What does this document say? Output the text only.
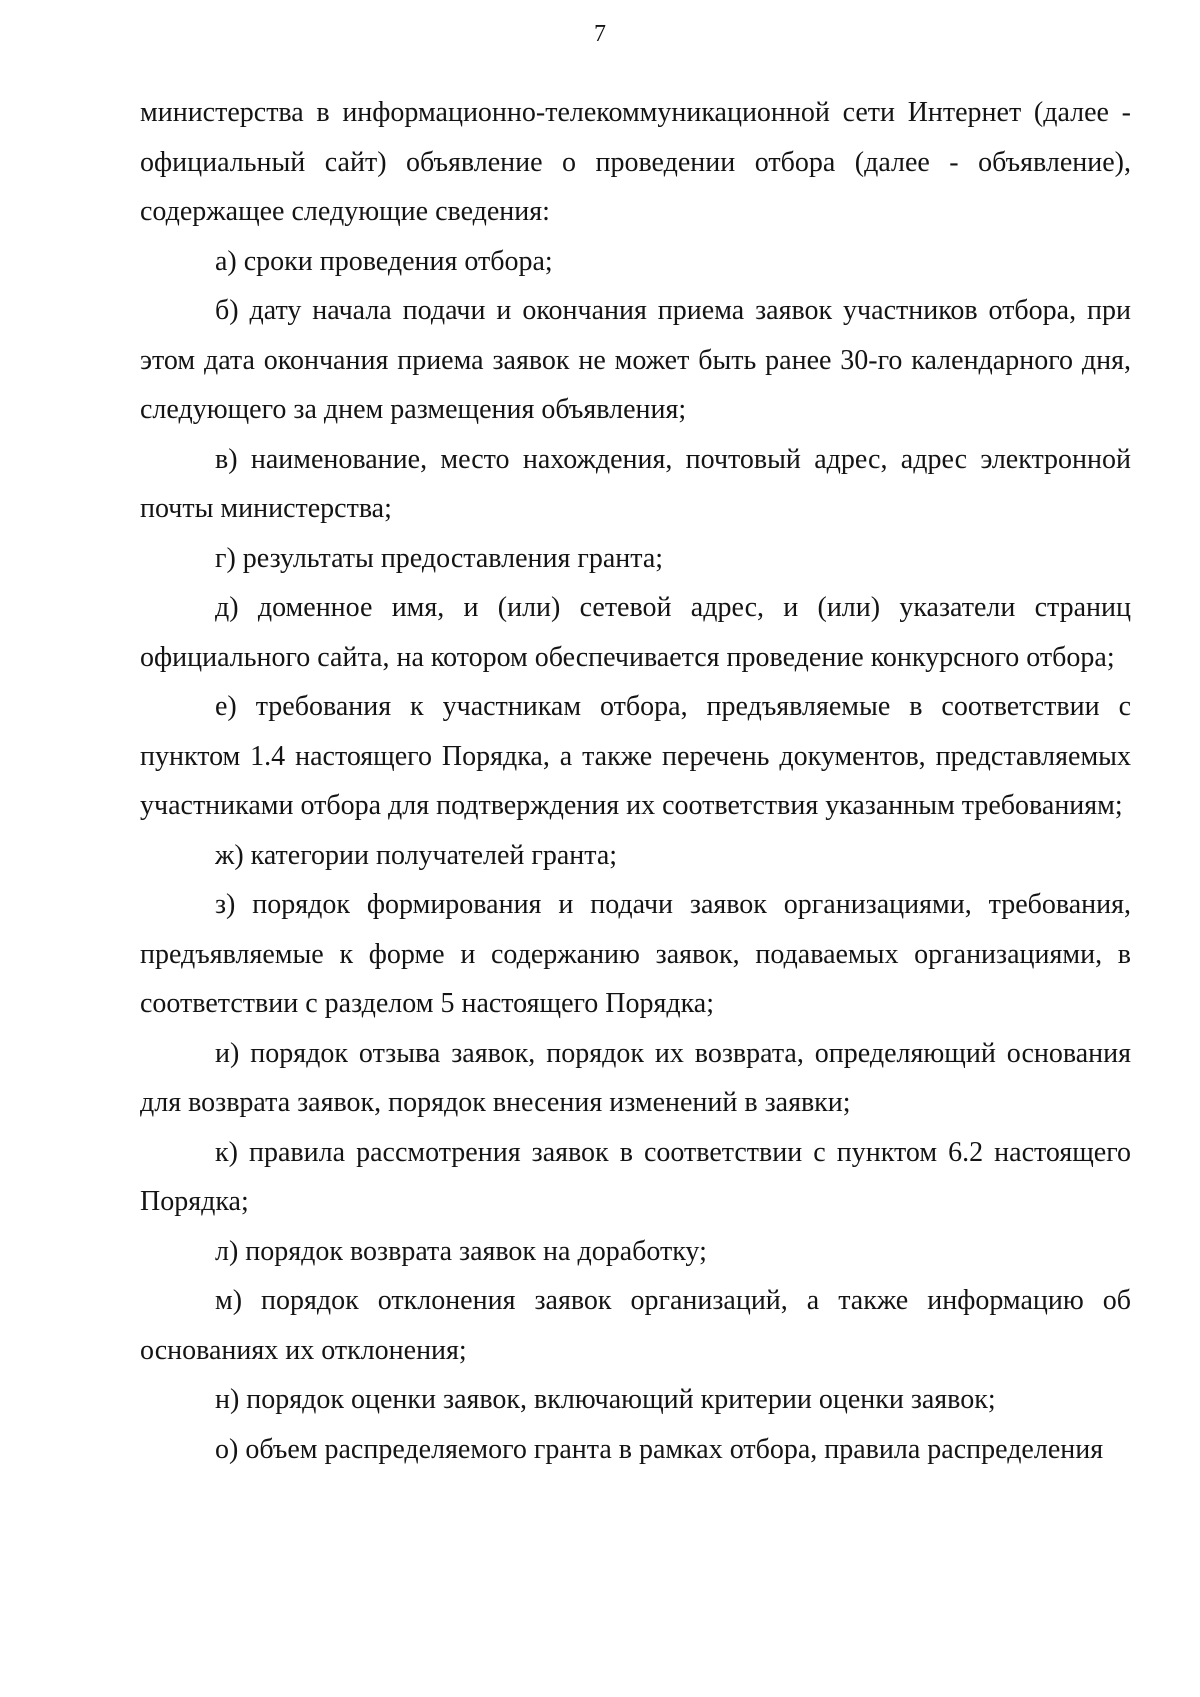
7

министерства в информационно-телекоммуникационной сети Интернет (далее - официальный сайт) объявление о проведении отбора (далее - объявление), содержащее следующие сведения:

а) сроки проведения отбора;

б) дату начала подачи и окончания приема заявок участников отбора, при этом дата окончания приема заявок не может быть ранее 30-го календарного дня, следующего за днем размещения объявления;

в) наименование, место нахождения, почтовый адрес, адрес электронной почты министерства;

г) результаты предоставления гранта;

д) доменное имя, и (или) сетевой адрес, и (или) указатели страниц официального сайта, на котором обеспечивается проведение конкурсного отбора;

е) требования к участникам отбора, предъявляемые в соответствии с пунктом 1.4 настоящего Порядка, а также перечень документов, представляемых участниками отбора для подтверждения их соответствия указанным требованиям;

ж) категории получателей гранта;

з) порядок формирования и подачи заявок организациями, требования, предъявляемые к форме и содержанию заявок, подаваемых организациями, в соответствии с разделом 5 настоящего Порядка;

и) порядок отзыва заявок, порядок их возврата, определяющий основания для возврата заявок, порядок внесения изменений в заявки;

к) правила рассмотрения заявок в соответствии с пунктом 6.2 настоящего Порядка;

л) порядок возврата заявок на доработку;

м) порядок отклонения заявок организаций, а также информацию об основаниях их отклонения;

н) порядок оценки заявок, включающий критерии оценки заявок;

о) объем распределяемого гранта в рамках отбора, правила распределения
